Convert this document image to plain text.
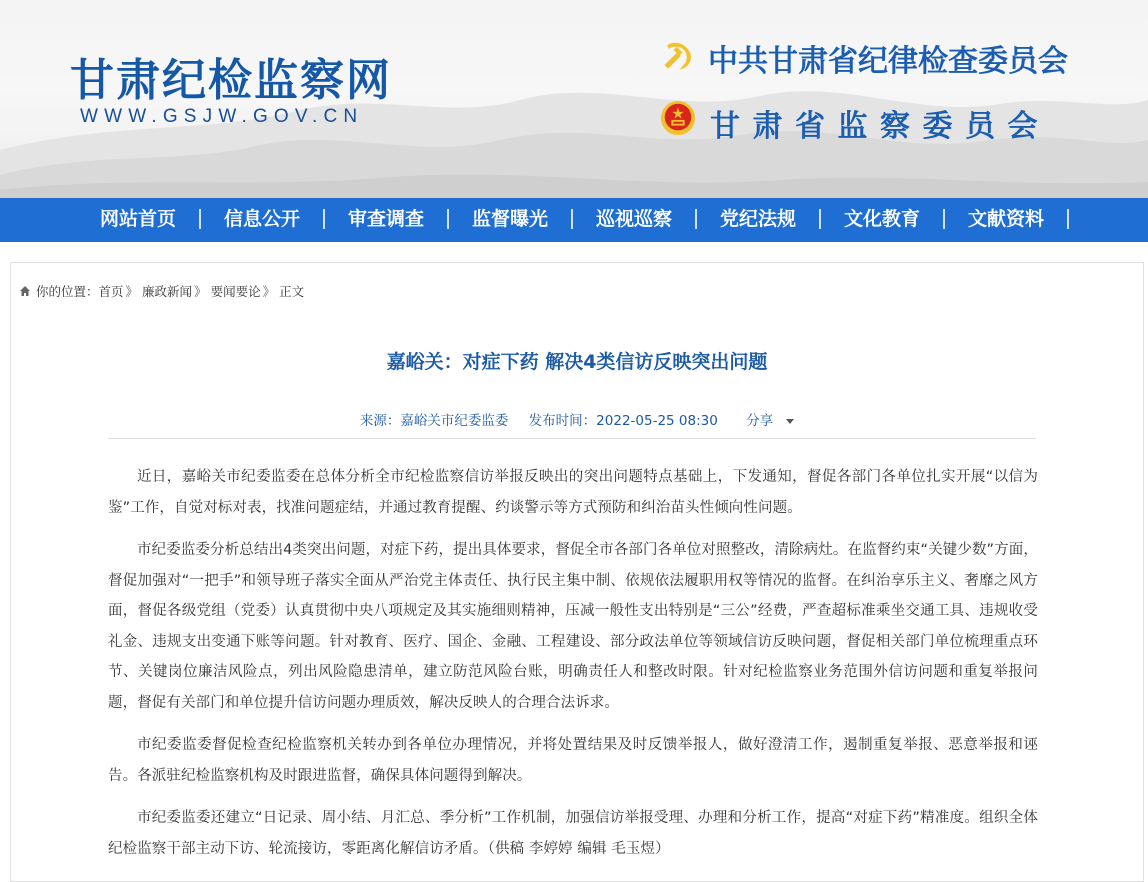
甘肃纪检监察网
WWW.GSJW.GOV.CN
中共甘肃省纪律检查委员会
甘肃省监察委员会
网站首页	信息公开	审查调查	监督曝光	巡视巡察	党纪法规	文化教育	文献资料
你的位置： 首页 》 廉政新闻 》 要闻要论 》 正文
嘉峪关：对症下药 解决4类信访反映突出问题
来源：嘉峪关市纪委监委 发布时间：2022-05-25 08:30 分享

近日，嘉峪关市纪委监委在总体分析全市纪检监察信访举报反映出的突出问题特点基础上，下发通知，督促各部门各单位扎实开展“以信为鉴”工作，自觉对标对表，找准问题症结，并通过教育提醒、约谈警示等方式预防和纠治苗头性倾向性问题。

市纪委监委分析总结出4类突出问题，对症下药，提出具体要求，督促全市各部门各单位对照整改，清除病灶。在监督约束“关键少数”方面，督促加强对“一把手”和领导班子落实全面从严治党主体责任、执行民主集中制、依规依法履职用权等情况的监督。在纠治享乐主义、奢靡之风方面，督促各级党组（党委）认真贯彻中央八项规定及其实施细则精神，压减一般性支出特别是“三公”经费，严查超标准乘坐交通工具、违规收受礼金、违规支出变通下账等问题。针对教育、医疗、国企、金融、工程建设、部分政法单位等领域信访反映问题，督促相关部门单位梳理重点环节、关键岗位廉洁风险点，列出风险隐患清单，建立防范风险台账，明确责任人和整改时限。针对纪检监察业务范围外信访问题和重复举报问题，督促有关部门和单位提升信访问题办理质效，解决反映人的合理合法诉求。

市纪委监委督促检查纪检监察机关转办到各单位办理情况，并将处置结果及时反馈举报人，做好澄清工作，遏制重复举报、恶意举报和诬告。各派驻纪检监察机构及时跟进监督，确保具体问题得到解决。

市纪委监委还建立“日记录、周小结、月汇总、季分析”工作机制，加强信访举报受理、办理和分析工作，提高“对症下药”精准度。组织全体纪检监察干部主动下访、轮流接访，零距离化解信访矛盾。（供稿 李婷婷 编辑 毛玉煜）
